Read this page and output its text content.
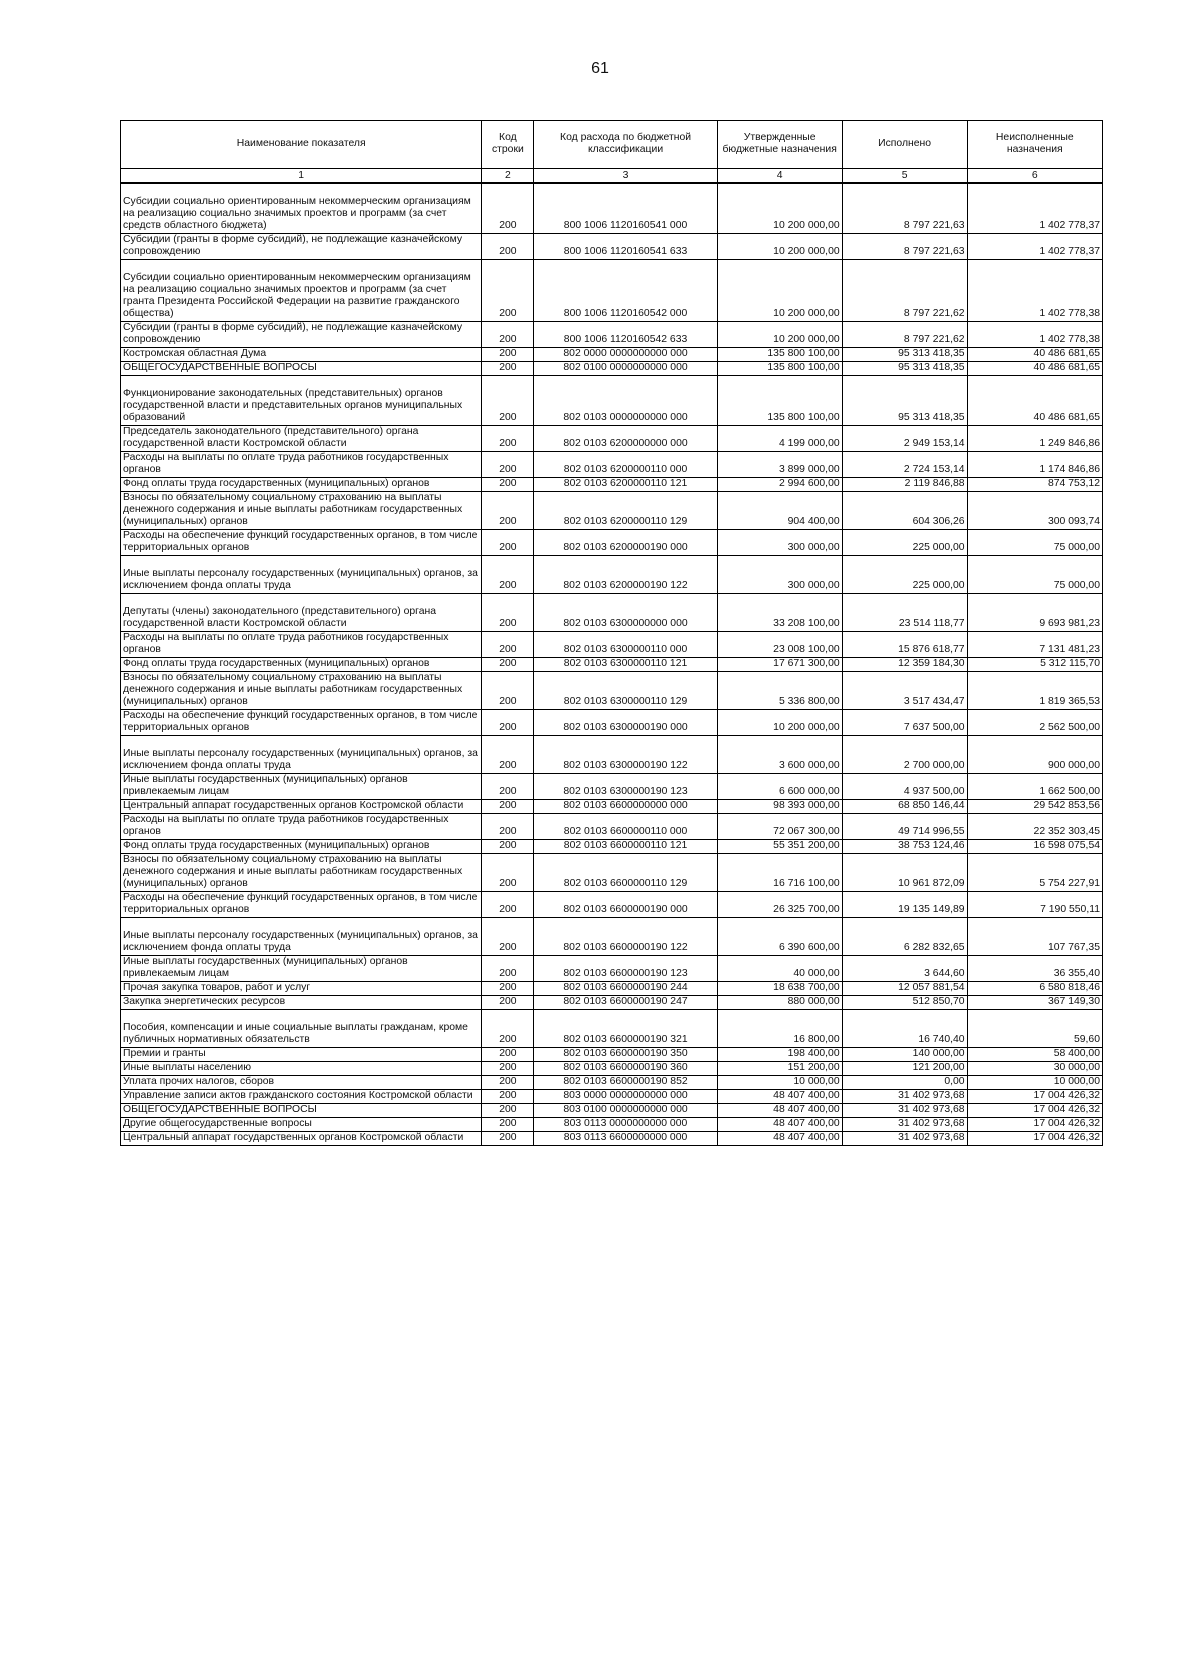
61
Наименование показателя	Код строки	Код расхода по бюджетной классификации	Утвержденные бюджетные назначения	Исполнено	Неисполненные назначения
1	2	3	4	5	6
Субсидии социально ориентированным некоммерческим организациям на реализацию социально значимых проектов и программ (за счет средств областного бюджета)	200	800 1006 1120160541 000	10 200 000,00	8 797 221,63	1 402 778,37
Субсидии (гранты в форме субсидий), не подлежащие казначейскому сопровождению	200	800 1006 1120160541 633	10 200 000,00	8 797 221,63	1 402 778,37
Субсидии социально ориентированным некоммерческим организациям на реализацию социально значимых проектов и программ (за счет гранта Президента Российской Федерации на развитие гражданского общества)	200	800 1006 1120160542 000	10 200 000,00	8 797 221,62	1 402 778,38
Субсидии (гранты в форме субсидий), не подлежащие казначейскому сопровождению	200	800 1006 1120160542 633	10 200 000,00	8 797 221,62	1 402 778,38
Костромская областная Дума	200	802 0000 0000000000 000	135 800 100,00	95 313 418,35	40 486 681,65
ОБЩЕГОСУДАРСТВЕННЫЕ ВОПРОСЫ	200	802 0100 0000000000 000	135 800 100,00	95 313 418,35	40 486 681,65
Функционирование законодательных (представительных) органов государственной власти и представительных органов муниципальных образований	200	802 0103 0000000000 000	135 800 100,00	95 313 418,35	40 486 681,65
Председатель законодательного (представительного) органа государственной власти Костромской области	200	802 0103 6200000000 000	4 199 000,00	2 949 153,14	1 249 846,86
Расходы на выплаты по оплате труда работников государственных органов	200	802 0103 6200000110 000	3 899 000,00	2 724 153,14	1 174 846,86
Фонд оплаты труда государственных (муниципальных) органов	200	802 0103 6200000110 121	2 994 600,00	2 119 846,88	874 753,12
Взносы по обязательному социальному страхованию на выплаты денежного содержания и иные выплаты работникам государственных (муниципальных) органов	200	802 0103 6200000110 129	904 400,00	604 306,26	300 093,74
Расходы на обеспечение функций государственных органов, в том числе территориальных органов	200	802 0103 6200000190 000	300 000,00	225 000,00	75 000,00
Иные выплаты персоналу государственных (муниципальных) органов, за исключением фонда оплаты труда	200	802 0103 6200000190 122	300 000,00	225 000,00	75 000,00
Депутаты (члены) законодательного (представительного) органа государственной власти Костромской области	200	802 0103 6300000000 000	33 208 100,00	23 514 118,77	9 693 981,23
Расходы на выплаты по оплате труда работников государственных органов	200	802 0103 6300000110 000	23 008 100,00	15 876 618,77	7 131 481,23
Фонд оплаты труда государственных (муниципальных) органов	200	802 0103 6300000110 121	17 671 300,00	12 359 184,30	5 312 115,70
Взносы по обязательному социальному страхованию на выплаты денежного содержания и иные выплаты работникам государственных (муниципальных) органов	200	802 0103 6300000110 129	5 336 800,00	3 517 434,47	1 819 365,53
Расходы на обеспечение функций государственных органов, в том числе территориальных органов	200	802 0103 6300000190 000	10 200 000,00	7 637 500,00	2 562 500,00
Иные выплаты персоналу государственных (муниципальных) органов, за исключением фонда оплаты труда	200	802 0103 6300000190 122	3 600 000,00	2 700 000,00	900 000,00
Иные выплаты государственных (муниципальных) органов привлекаемым лицам	200	802 0103 6300000190 123	6 600 000,00	4 937 500,00	1 662 500,00
Центральный аппарат государственных органов Костромской области	200	802 0103 6600000000 000	98 393 000,00	68 850 146,44	29 542 853,56
Расходы на выплаты по оплате труда работников государственных органов	200	802 0103 6600000110 000	72 067 300,00	49 714 996,55	22 352 303,45
Фонд оплаты труда государственных (муниципальных) органов	200	802 0103 6600000110 121	55 351 200,00	38 753 124,46	16 598 075,54
Взносы по обязательному социальному страхованию на выплаты денежного содержания и иные выплаты работникам государственных (муниципальных) органов	200	802 0103 6600000110 129	16 716 100,00	10 961 872,09	5 754 227,91
Расходы на обеспечение функций государственных органов, в том числе территориальных органов	200	802 0103 6600000190 000	26 325 700,00	19 135 149,89	7 190 550,11
Иные выплаты персоналу государственных (муниципальных) органов, за исключением фонда оплаты труда	200	802 0103 6600000190 122	6 390 600,00	6 282 832,65	107 767,35
Иные выплаты государственных (муниципальных) органов привлекаемым лицам	200	802 0103 6600000190 123	40 000,00	3 644,60	36 355,40
Прочая закупка товаров, работ и услуг	200	802 0103 6600000190 244	18 638 700,00	12 057 881,54	6 580 818,46
Закупка энергетических ресурсов	200	802 0103 6600000190 247	880 000,00	512 850,70	367 149,30
Пособия, компенсации и иные социальные выплаты гражданам, кроме публичных нормативных обязательств	200	802 0103 6600000190 321	16 800,00	16 740,40	59,60
Премии и гранты	200	802 0103 6600000190 350	198 400,00	140 000,00	58 400,00
Иные выплаты населению	200	802 0103 6600000190 360	151 200,00	121 200,00	30 000,00
Уплата прочих налогов, сборов	200	802 0103 6600000190 852	10 000,00	0,00	10 000,00
Управление записи актов гражданского состояния Костромской области	200	803 0000 0000000000 000	48 407 400,00	31 402 973,68	17 004 426,32
ОБЩЕГОСУДАРСТВЕННЫЕ ВОПРОСЫ	200	803 0100 0000000000 000	48 407 400,00	31 402 973,68	17 004 426,32
Другие общегосударственные вопросы	200	803 0113 0000000000 000	48 407 400,00	31 402 973,68	17 004 426,32
Центральный аппарат государственных органов Костромской области	200	803 0113 6600000000 000	48 407 400,00	31 402 973,68	17 004 426,32
